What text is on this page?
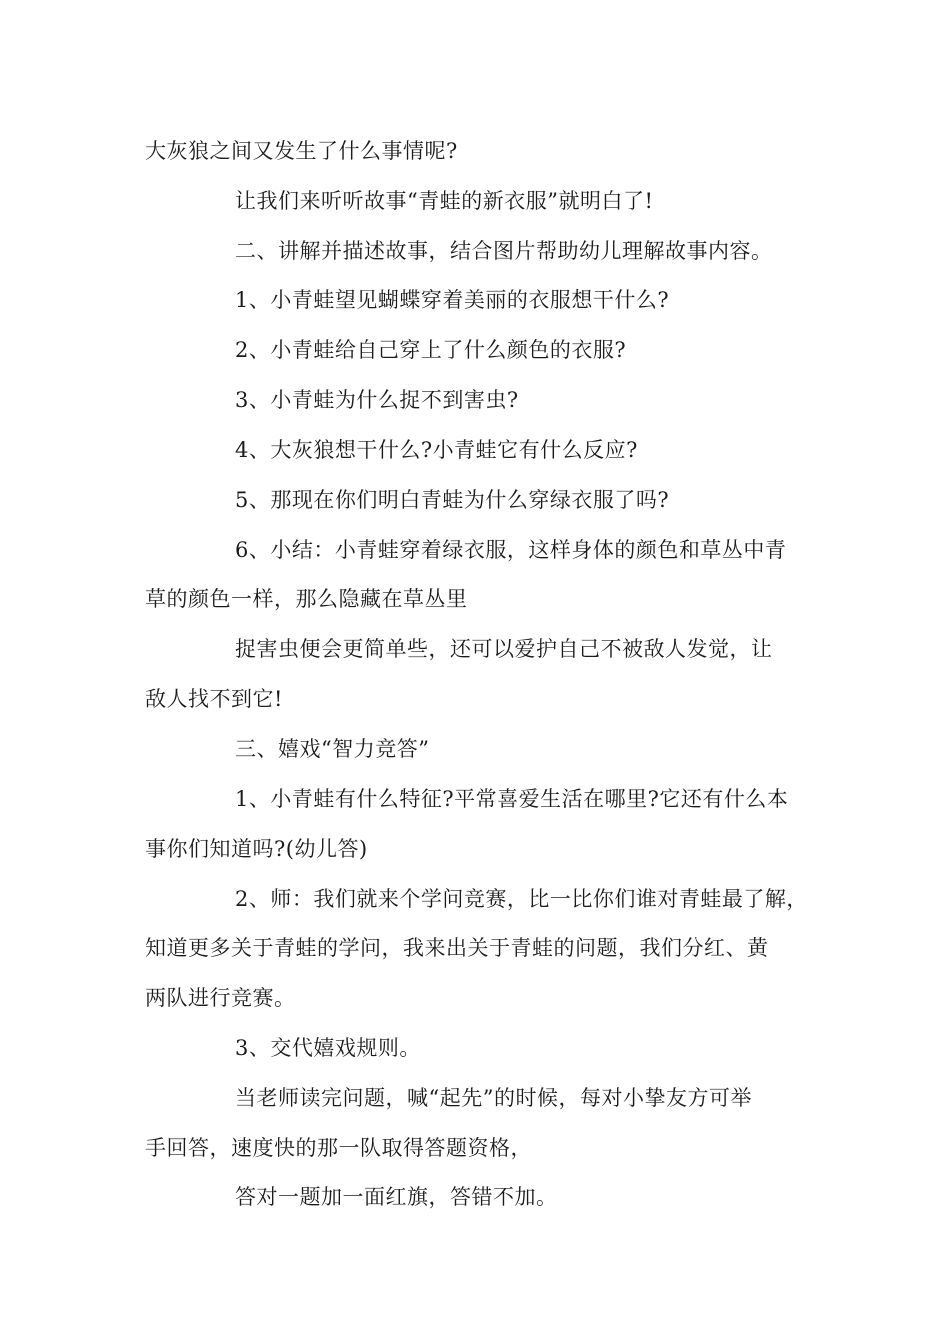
大灰狼之间又发生了什么事情呢?
让我们来听听故事“青蛙的新衣服”就明白了!
二、讲解并描述故事，结合图片帮助幼儿理解故事内容。
1、小青蛙望见蝴蝶穿着美丽的衣服想干什么?
2、小青蛙给自己穿上了什么颜色的衣服?
3、小青蛙为什么捉不到害虫?
4、大灰狼想干什么?小青蛙它有什么反应?
5、那现在你们明白青蛙为什么穿绿衣服了吗?
6、小结：小青蛙穿着绿衣服，这样身体的颜色和草丛中青
草的颜色一样，那么隐藏在草丛里
捉害虫便会更简单些，还可以爱护自己不被敌人发觉，让
敌人找不到它!
三、嬉戏“智力竞答”
1、小青蛙有什么特征?平常喜爱生活在哪里?它还有什么本
事你们知道吗?(幼儿答)
2、师：我们就来个学问竞赛，比一比你们谁对青蛙最了解，
知道更多关于青蛙的学问，我来出关于青蛙的问题，我们分红、黄
两队进行竞赛。
3、交代嬉戏规则。
当老师读完问题，喊“起先”的时候，每对小挚友方可举
手回答，速度快的那一队取得答题资格，
答对一题加一面红旗，答错不加。
